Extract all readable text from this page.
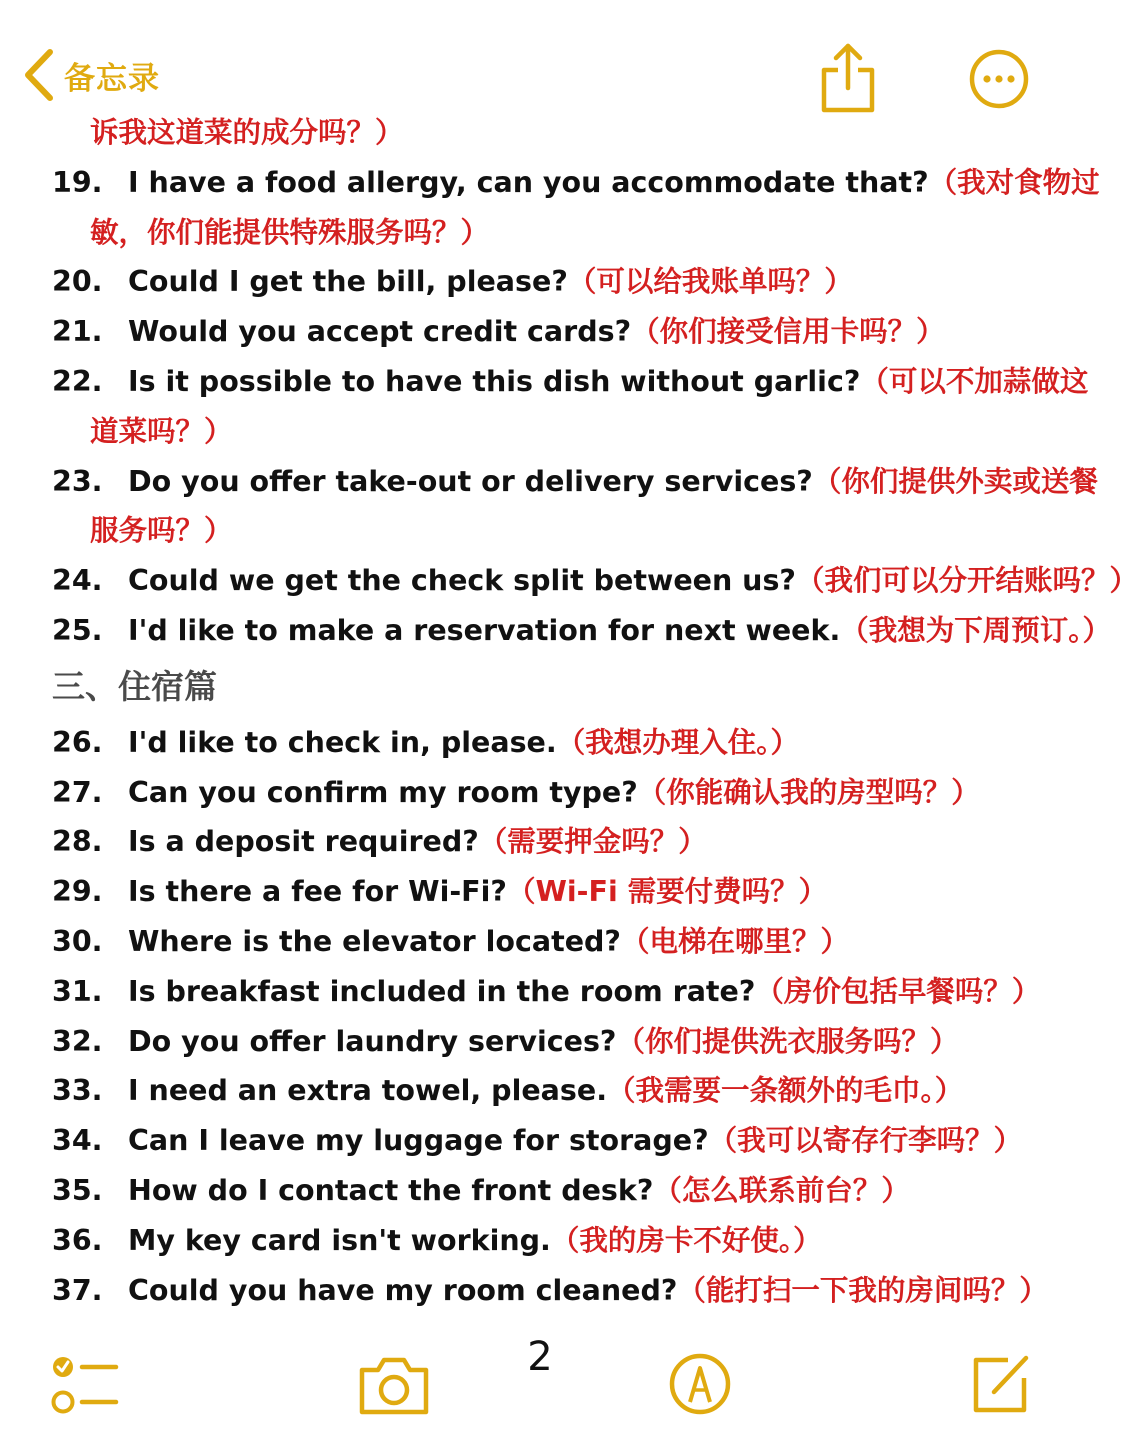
备忘录
诉我这道菜的成分吗？）
19. I have a food allergy, can you accommodate that?（我对食物过
敏，你们能提供特殊服务吗？）
20. Could I get the bill, please?（可以给我账单吗？）
21. Would you accept credit cards?（你们接受信用卡吗？）
22. Is it possible to have this dish without garlic?（可以不加蒜做这
道菜吗？）
23. Do you offer take-out or delivery services?（你们提供外卖或送餐
服务吗？）
24. Could we get the check split between us?（我们可以分开结账吗？）
25. I'd like to make a reservation for next week.（我想为下周预订。）
三、住宿篇
26. I'd like to check in, please.（我想办理入住。）
27. Can you confirm my room type?（你能确认我的房型吗？）
28. Is a deposit required?（需要押金吗？）
29. Is there a fee for Wi-Fi?（Wi-Fi 需要付费吗？）
30. Where is the elevator located?（电梯在哪里？）
31. Is breakfast included in the room rate?（房价包括早餐吗？）
32. Do you offer laundry services?（你们提供洗衣服务吗？）
33. I need an extra towel, please.（我需要一条额外的毛巾。）
34. Can I leave my luggage for storage?（我可以寄存行李吗？）
35. How do I contact the front desk?（怎么联系前台？）
36. My key card isn't working.（我的房卡不好使。）
37. Could you have my room cleaned?（能打扫一下我的房间吗？）
2
